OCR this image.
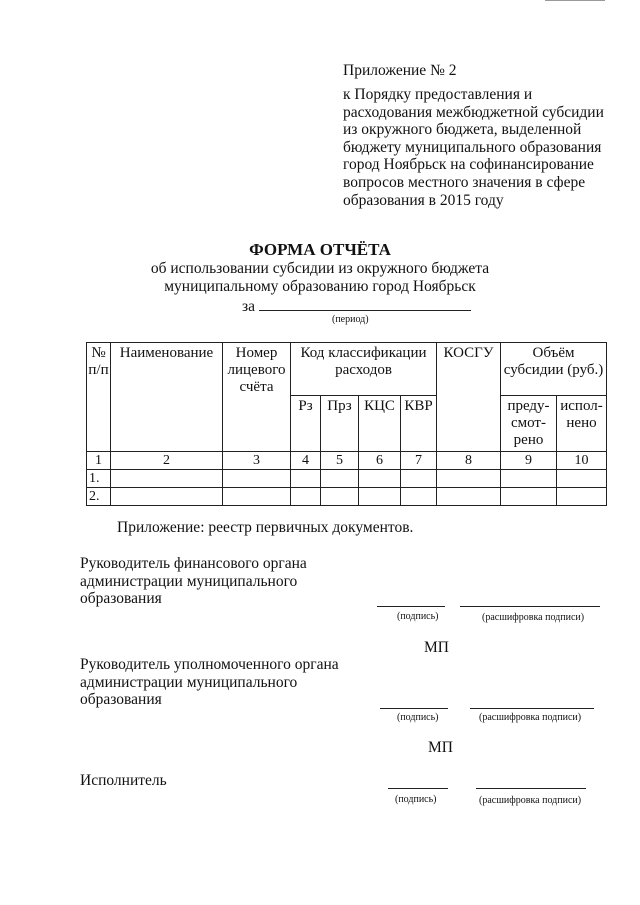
Приложение № 2
к Порядку предоставления и
расходования межбюджетной субсидии
из окружного бюджета, выделенной
бюджету муниципального образования
город Ноябрьск на софинансирование
вопросов местного значения в сфере
образования в 2015 году
ФОРМА ОТЧЁТА
об использовании субсидии из окружного бюджета
муниципальному образованию город Ноябрьск
за
(период)
№ п/п	Наименование	Номер лицевого счёта	Код классификации расходов				КОСГУ	Объём субсидии (руб.)	
			Рз	Прз	КЦС	КВР		преду-смот-рено	испол-нено
1	2	3	4	5	6	7	8	9	10
1.									
2.									
Приложение: реестр первичных документов.
Руководитель финансового органа
администрации муниципального
образования
(подпись)	(расшифровка подписи)
МП
Руководитель уполномоченного органа
администрации муниципального
образования
(подпись)	(расшифровка подписи)
МП
Исполнитель
(подпись)	(расшифровка подписи)
